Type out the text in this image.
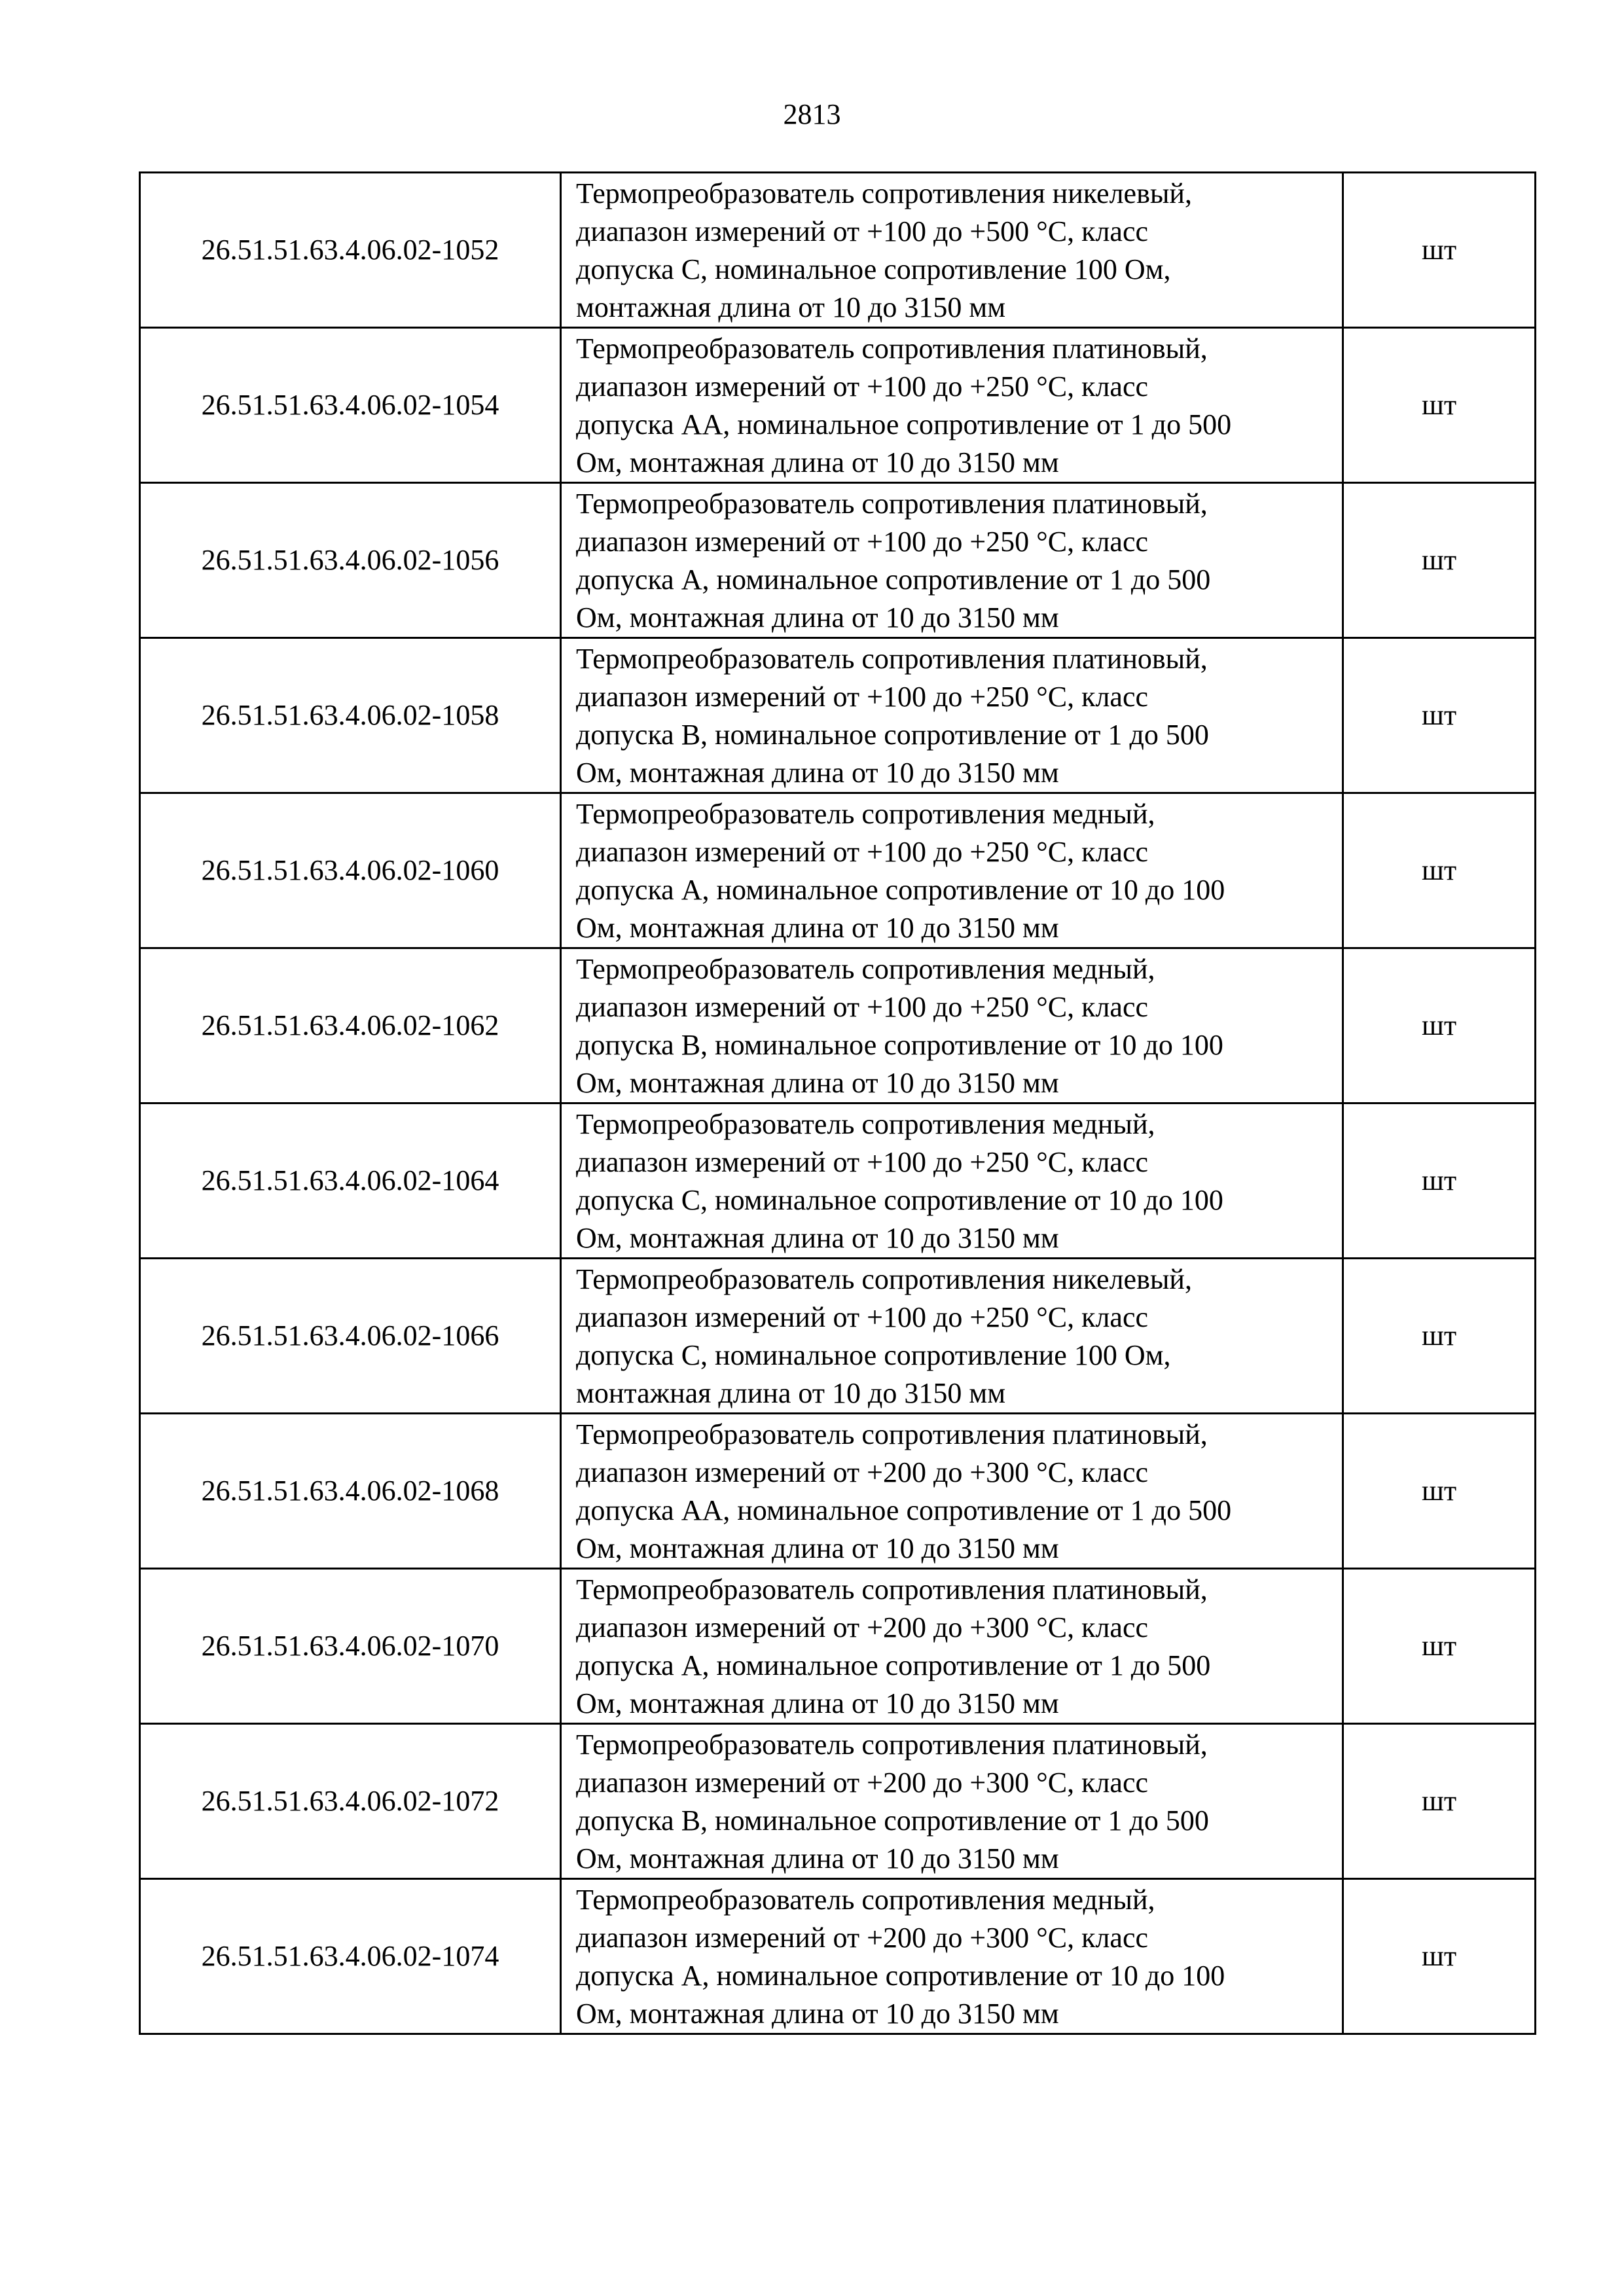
2813
26.51.51.63.4.06.02-1052	Термопреобразователь сопротивления никелевый,
диапазон измерений от +100 до +500 °С, класс
допуска С, номинальное сопротивление 100 Ом,
монтажная длина от 10 до 3150 мм	шт
26.51.51.63.4.06.02-1054	Термопреобразователь сопротивления платиновый,
диапазон измерений от +100 до +250 °С, класс
допуска АА, номинальное сопротивление от 1 до 500
Ом, монтажная длина от 10 до 3150 мм	шт
26.51.51.63.4.06.02-1056	Термопреобразователь сопротивления платиновый,
диапазон измерений от +100 до +250 °С, класс
допуска А, номинальное сопротивление от 1 до 500
Ом, монтажная длина от 10 до 3150 мм	шт
26.51.51.63.4.06.02-1058	Термопреобразователь сопротивления платиновый,
диапазон измерений от +100 до +250 °С, класс
допуска В, номинальное сопротивление от 1 до 500
Ом, монтажная длина от 10 до 3150 мм	шт
26.51.51.63.4.06.02-1060	Термопреобразователь сопротивления медный,
диапазон измерений от +100 до +250 °С, класс
допуска А, номинальное сопротивление от 10 до 100
Ом, монтажная длина от 10 до 3150 мм	шт
26.51.51.63.4.06.02-1062	Термопреобразователь сопротивления медный,
диапазон измерений от +100 до +250 °С, класс
допуска В, номинальное сопротивление от 10 до 100
Ом, монтажная длина от 10 до 3150 мм	шт
26.51.51.63.4.06.02-1064	Термопреобразователь сопротивления медный,
диапазон измерений от +100 до +250 °С, класс
допуска С, номинальное сопротивление от 10 до 100
Ом, монтажная длина от 10 до 3150 мм	шт
26.51.51.63.4.06.02-1066	Термопреобразователь сопротивления никелевый,
диапазон измерений от +100 до +250 °С, класс
допуска С, номинальное сопротивление 100 Ом,
монтажная длина от 10 до 3150 мм	шт
26.51.51.63.4.06.02-1068	Термопреобразователь сопротивления платиновый,
диапазон измерений от +200 до +300 °С, класс
допуска АА, номинальное сопротивление от 1 до 500
Ом, монтажная длина от 10 до 3150 мм	шт
26.51.51.63.4.06.02-1070	Термопреобразователь сопротивления платиновый,
диапазон измерений от +200 до +300 °С, класс
допуска А, номинальное сопротивление от 1 до 500
Ом, монтажная длина от 10 до 3150 мм	шт
26.51.51.63.4.06.02-1072	Термопреобразователь сопротивления платиновый,
диапазон измерений от +200 до +300 °С, класс
допуска В, номинальное сопротивление от 1 до 500
Ом, монтажная длина от 10 до 3150 мм	шт
26.51.51.63.4.06.02-1074	Термопреобразователь сопротивления медный,
диапазон измерений от +200 до +300 °С, класс
допуска А, номинальное сопротивление от 10 до 100
Ом, монтажная длина от 10 до 3150 мм	шт
